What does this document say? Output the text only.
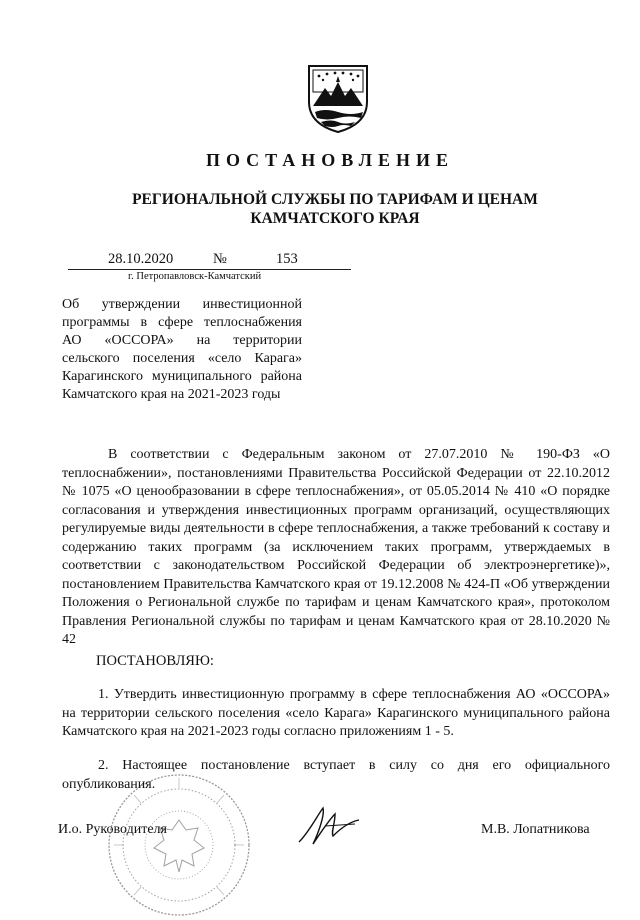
ПОСТАНОВЛЕНИЕ
РЕГИОНАЛЬНОЙ СЛУЖБЫ ПО ТАРИФАМ И ЦЕНАМ
КАМЧАТСКОГО КРАЯ
28.10.2020	№	153
г. Петропавловск-Камчатский
Об утверждении инвестиционной программы в сфере теплоснабжения АО «ОССОРА» на территории сельского поселения «село Карага» Карагинского муниципального района Камчатского края на 2021-2023 годы
В соответствии с Федеральным законом от 27.07.2010 № 190-ФЗ «О теплоснабжении», постановлениями Правительства Российской Федерации от 22.10.2012 № 1075 «О ценообразовании в сфере теплоснабжения», от 05.05.2014 № 410 «О порядке согласования и утверждения инвестиционных программ организаций, осуществляющих регулируемые виды деятельности в сфере теплоснабжения, а также требований к составу и содержанию таких программ (за исключением таких программ, утверждаемых в соответствии с законодательством Российской Федерации об электроэнергетике)», постановлением Правительства Камчатского края от 19.12.2008 № 424-П «Об утверждении Положения о Региональной службе по тарифам и ценам Камчатского края», протоколом Правления Региональной службы по тарифам и ценам Камчатского края от 28.10.2020 № 42
ПОСТАНОВЛЯЮ:
1. Утвердить инвестиционную программу в сфере теплоснабжения АО «ОССОРА» на территории сельского поселения «село Карага» Карагинского муниципального района Камчатского края на 2021-2023 годы согласно приложениям 1 - 5.
2. Настоящее постановление вступает в силу со дня его официального опубликования.
И.о. Руководителя	М.В. Лопатникова
